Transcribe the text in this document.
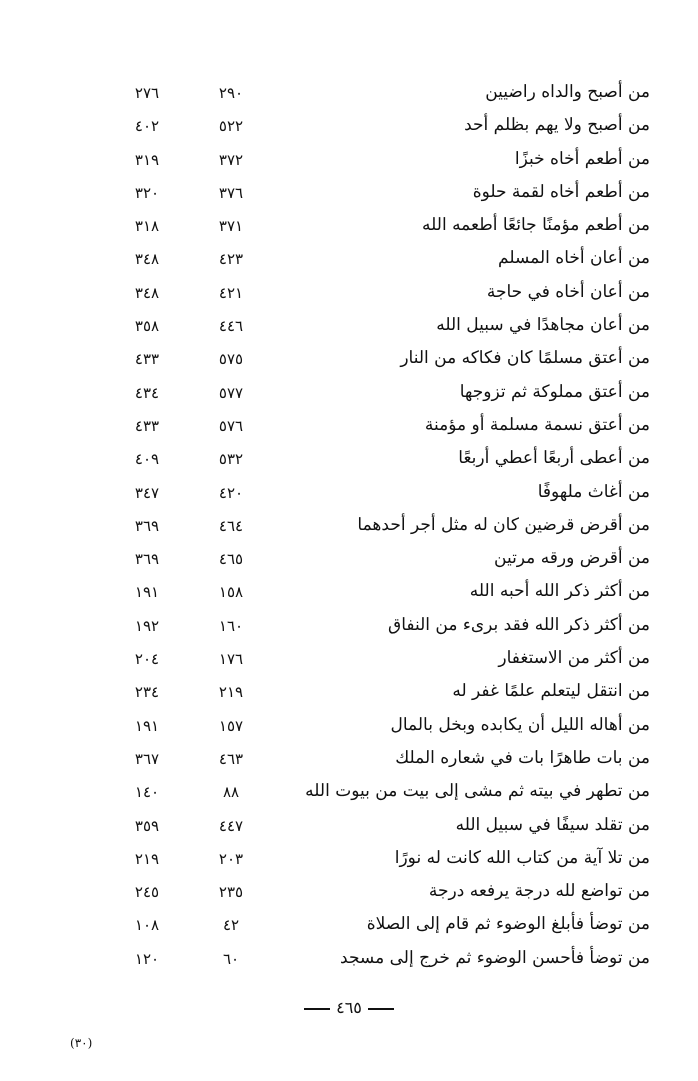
من أصبح والداه راضيين
٢٩٠
٢٧٦
من أصبح ولا يهم بظلم أحد
٥٢٢
٤٠٢
من أطعم أخاه خبزًا
٣٧٢
٣١٩
من أطعم أخاه لقمة حلوة
٣٧٦
٣٢٠
من أطعم مؤمنًا جائعًا أطعمه الله
٣٧١
٣١٨
من أعان أخاه المسلم
٤٢٣
٣٤٨
من أعان أخاه في حاجة
٤٢١
٣٤٨
من أعان مجاهدًا في سبيل الله
٤٤٦
٣٥٨
من أعتق مسلمًا كان فكاكه من النار
٥٧٥
٤٣٣
من أعتق مملوكة ثم تزوجها
٥٧٧
٤٣٤
من أعتق نسمة مسلمة أو مؤمنة
٥٧٦
٤٣٣
من أعطى أربعًا أعطي أربعًا
٥٣٢
٤٠٩
من أغاث ملهوفًا
٤٢٠
٣٤٧
من أقرض قرضين كان له مثل أجر أحدهما
٤٦٤
٣٦٩
من أقرض ورقه مرتين
٤٦٥
٣٦٩
من أكثر ذكر الله أحبه الله
١٥٨
١٩١
من أكثر ذكر الله فقد برىء من النفاق
١٦٠
١٩٢
من أكثر من الاستغفار
١٧٦
٢٠٤
من انتقل ليتعلم علمًا غفر له
٢١٩
٢٣٤
من أهاله الليل أن يكابده وبخل بالمال
١٥٧
١٩١
من بات طاهرًا بات في شعاره الملك
٤٦٣
٣٦٧
من تطهر في بيته ثم مشى إلى بيت من بيوت الله
٨٨
١٤٠
من تقلد سيفًا في سبيل الله
٤٤٧
٣٥٩
من تلا آية من كتاب الله كانت له نورًا
٢٠٣
٢١٩
من تواضع لله درجة يرفعه درجة
٢٣٥
٢٤٥
من توضأ فأبلغ الوضوء ثم قام إلى الصلاة
٤٢
١٠٨
من توضأ فأحسن الوضوء ثم خرج إلى مسجد
٦٠
١٢٠
٤٦٥
(٣٠)
